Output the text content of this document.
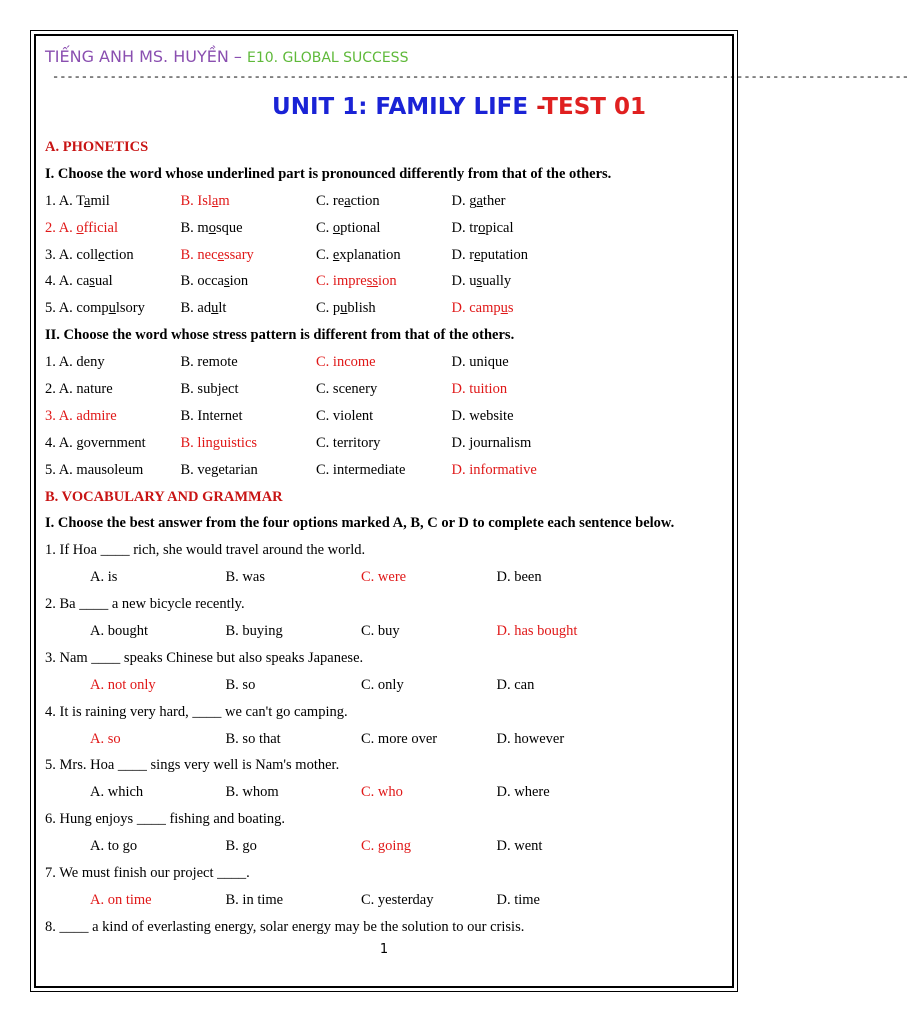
TIẾNG ANH MS. HUYỀN – E10. GLOBAL SUCCESS
-----------------------------------------------------------------------------------------------------------------------
UNIT 1: FAMILY LIFE -TEST 01
A. PHONETICS
I. Choose the word whose underlined part is pronounced differently from that of the others.
1. A. Tamil	B. Islam	C. reaction	D. gather
2. A. official	B. mosque	C. optional	D. tropical
3. A. collection	B. necessary	C. explanation	D. reputation
4. A. casual	B. occasion	C. impression	D. usually
5. A. compulsory	B. adult	C. publish	D. campus
II. Choose the word whose stress pattern is different from that of the others.
1. A. deny	B. remote	C. income	D. unique
2. A. nature	B. subject	C. scenery	D. tuition
3. A. admire	B. Internet	C. violent	D. website
4. A. government	B. linguistics	C. territory	D. journalism
5. A. mausoleum	B. vegetarian	C. intermediate	D. informative
B. VOCABULARY AND GRAMMAR
I. Choose the best answer from the four options marked A, B, C or D to complete each sentence below.
1. If Hoa ____ rich, she would travel around the world.
A. is	B. was	C. were	D. been
2. Ba ____ a new bicycle recently.
A. bought	B. buying	C. buy	D. has bought
3. Nam ____ speaks Chinese but also speaks Japanese.
A. not only	B. so	C. only	D. can
4. It is raining very hard, ____ we can't go camping.
A. so	B. so that	C. more over	D. however
5. Mrs. Hoa ____ sings very well is Nam's mother.
A. which	B. whom	C. who	D. where
6. Hung enjoys ____ fishing and boating.
A. to go	B. go	C. going	D. went
7. We must finish our project ____.
A. on time	B. in time	C. yesterday	D. time
8. ____ a kind of everlasting energy, solar energy may be the solution to our crisis.
1
